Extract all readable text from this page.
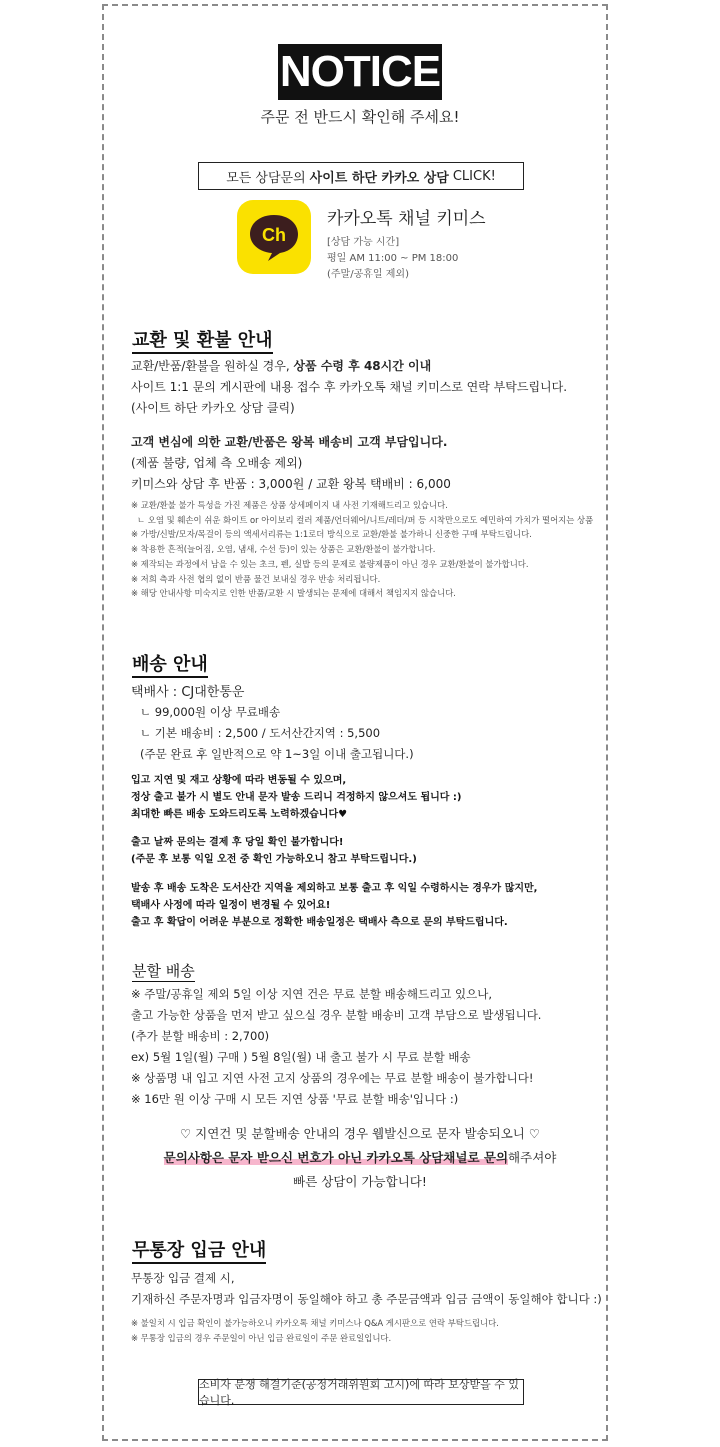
NOTICE
주문 전 반드시 확인해 주세요!
모든 상담문의 사이트 하단 카카오 상담 CLICK!
Ch
카카오톡 채널 키미스
[상담 가능 시간]
평일 AM 11:00 ~ PM 18:00
(주말/공휴일 제외)
교환 및 환불 안내
교환/반품/환불을 원하실 경우, 상품 수령 후 48시간 이내
사이트 1:1 문의 게시판에 내용 접수 후 카카오톡 채널 키미스로 연락 부탁드립니다.
(사이트 하단 카카오 상담 클릭)
고객 변심에 의한 교환/반품은 왕복 배송비 고객 부담입니다.
(제품 불량, 업체 측 오배송 제외)
키미스와 상담 후 반품 : 3,000원 / 교환 왕복 택배비 : 6,000
※ 교환/환불 불가 특성을 가진 제품은 상품 상세페이지 내 사전 기재해드리고 있습니다.
ㄴ 오염 및 훼손이 쉬운 화이트 or 아이보리 컬러 제품/언더웨어/니트/레더/퍼 등 시착만으로도 예민하여 가치가 떨어지는 상품
※ 가방/신발/모자/목걸이 등의 액세서리류는 1:1로더 방식으로 교환/환불 불가하니 신중한 구매 부탁드립니다.
※ 착용한 흔적(늘어짐, 오염, 냄새, 수선 등)이 있는 상품은 교환/환불이 불가합니다.
※ 제작되는 과정에서 남을 수 있는 초크, 펜, 실밥 등의 문제로 불량제품이 아닌 경우 교환/환불이 불가합니다.
※ 저희 측과 사전 협의 없이 반품 물건 보내실 경우 반송 처리됩니다.
※ 해당 안내사항 미숙지로 인한 반품/교환 시 발생되는 문제에 대해서 책임지지 않습니다.
배송 안내
택배사 : CJ대한통운
ㄴ 99,000원 이상 무료배송
ㄴ 기본 배송비 : 2,500 / 도서산간지역 : 5,500
(주문 완료 후 일반적으로 약 1~3일 이내 출고됩니다.)
입고 지연 및 재고 상황에 따라 변동될 수 있으며,
정상 출고 불가 시 별도 안내 문자 발송 드리니 걱정하지 않으셔도 됩니다 :)
최대한 빠른 배송 도와드리도록 노력하겠습니다♥
출고 날짜 문의는 결제 후 당일 확인 불가합니다!
(주문 후 보통 익일 오전 중 확인 가능하오니 참고 부탁드립니다.)
발송 후 배송 도착은 도서산간 지역을 제외하고 보통 출고 후 익일 수령하시는 경우가 많지만,
택배사 사정에 따라 일정이 변경될 수 있어요!
출고 후 확답이 어려운 부분으로 정확한 배송일정은 택배사 측으로 문의 부탁드립니다.
분할 배송
※ 주말/공휴일 제외 5일 이상 지연 건은 무료 분할 배송해드리고 있으나,
출고 가능한 상품을 먼저 받고 싶으실 경우 분할 배송비 고객 부담으로 발생됩니다.
(추가 분할 배송비 : 2,700)
ex) 5월 1일(월) 구매 ) 5월 8일(월) 내 출고 불가 시 무료 분할 배송
※ 상품명 내 입고 지연 사전 고지 상품의 경우에는 무료 분할 배송이 불가합니다!
※ 16만 원 이상 구매 시 모든 지연 상품 '무료 분할 배송'입니다 :)
♡ 지연건 및 분할배송 안내의 경우 웹발신으로 문자 발송되오니 ♡
문의사항은 문자 받으신 번호가 아닌 카카오톡 상담채널로 문의해주셔야
빠른 상담이 가능합니다!
무통장 입금 안내
무통장 입금 결제 시,
기재하신 주문자명과 입금자명이 동일해야 하고 총 주문금액과 입금 금액이 동일해야 합니다 :)
※ 불일치 시 입금 확인이 불가능하오니 카카오톡 채널 키미스나 Q&A 게시판으로 연락 부탁드립니다.
※ 무통장 입금의 경우 주문일이 아닌 입금 완료일이 주문 완료일입니다.
소비자 분쟁 해결기준(공정거래위원회 고시)에 따라 보상받을 수 있습니다.
